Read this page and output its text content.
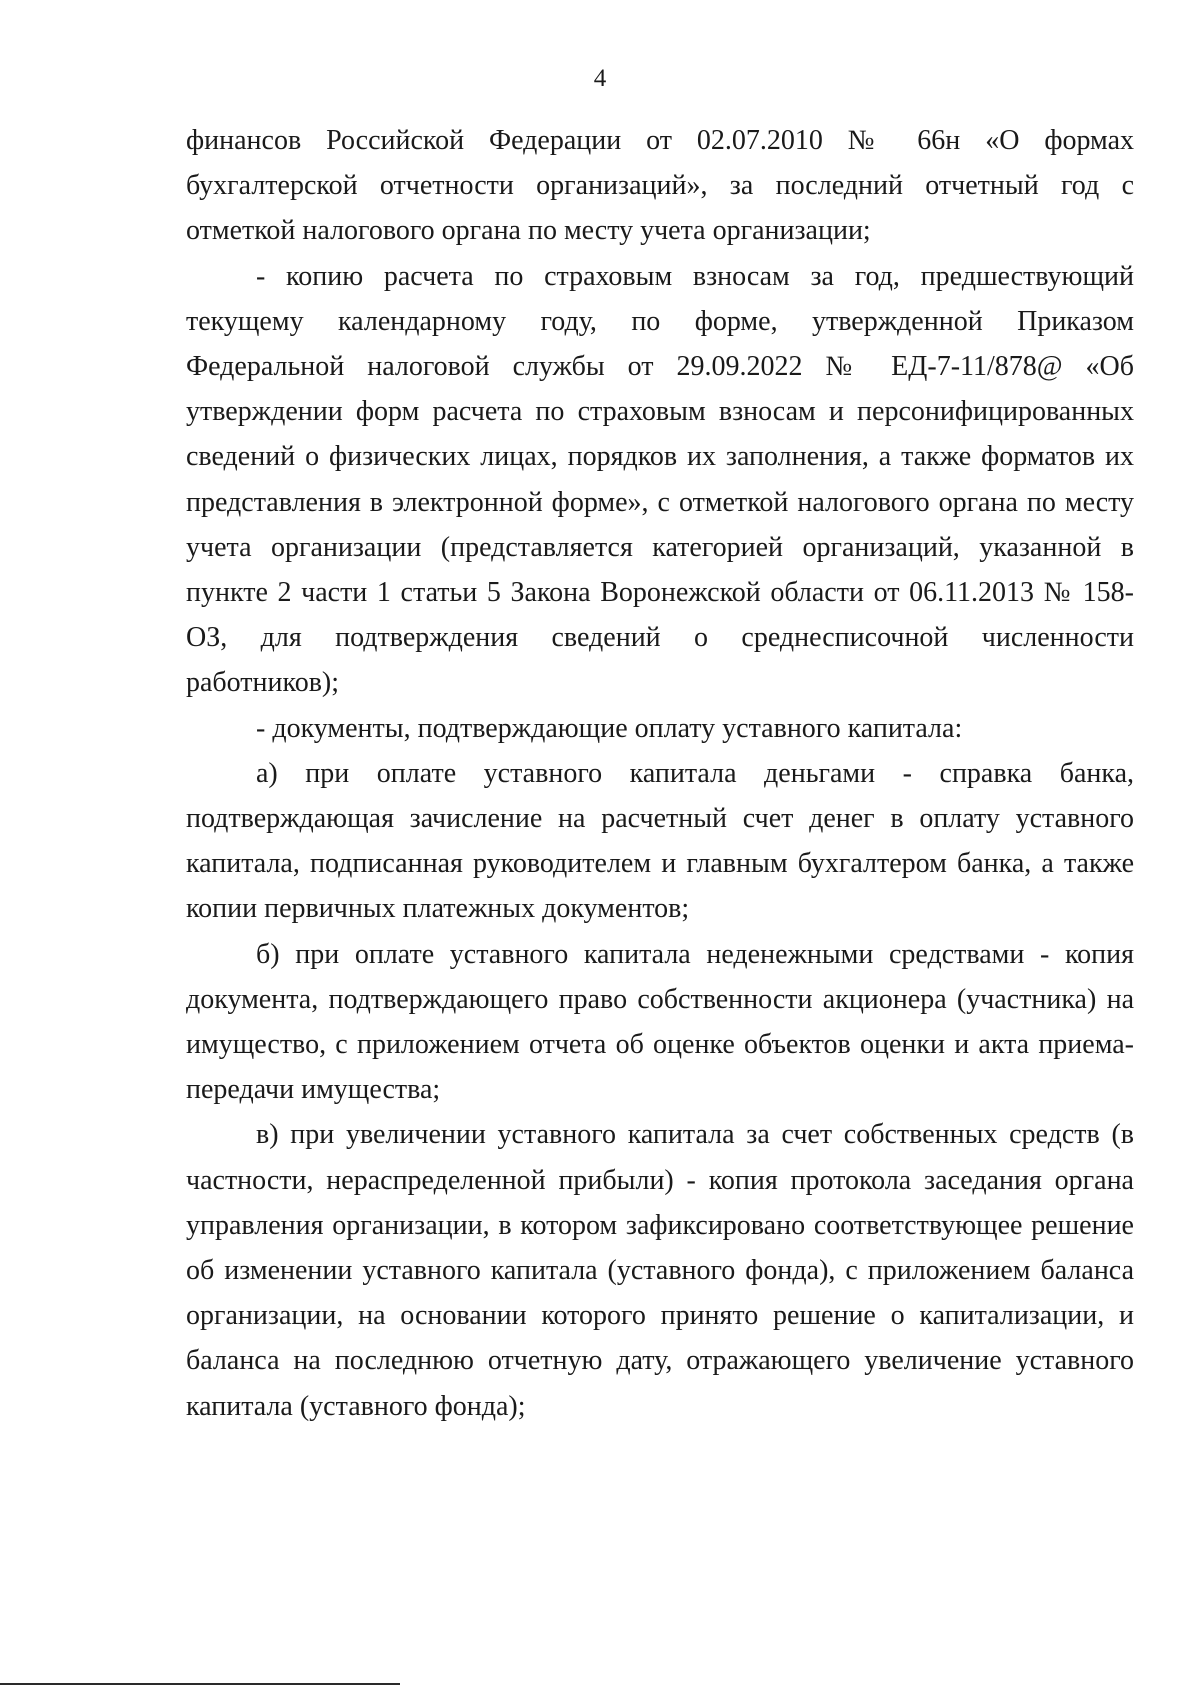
4

финансов Российской Федерации от 02.07.2010 № 66н «О формах бухгалтерской отчетности организаций», за последний отчетный год с отметкой налогового органа по месту учета организации;

- копию расчета по страховым взносам за год, предшествующий текущему календарному году, по форме, утвержденной Приказом Федеральной налоговой службы от 29.09.2022 № ЕД-7-11/878@ «Об утверждении форм расчета по страховым взносам и персонифицированных сведений о физических лицах, порядков их заполнения, а также форматов их представления в электронной форме», с отметкой налогового органа по месту учета организации (представляется категорией организаций, указанной в пункте 2 части 1 статьи 5 Закона Воронежской области от 06.11.2013 № 158-ОЗ, для подтверждения сведений о среднесписочной численности работников);

- документы, подтверждающие оплату уставного капитала:

а) при оплате уставного капитала деньгами - справка банка, подтверждающая зачисление на расчетный счет денег в оплату уставного капитала, подписанная руководителем и главным бухгалтером банка, а также копии первичных платежных документов;

б) при оплате уставного капитала неденежными средствами - копия документа, подтверждающего право собственности акционера (участника) на имущество, с приложением отчета об оценке объектов оценки и акта приема-передачи имущества;

в) при увеличении уставного капитала за счет собственных средств (в частности, нераспределенной прибыли) - копия протокола заседания органа управления организации, в котором зафиксировано соответствующее решение об изменении уставного капитала (уставного фонда), с приложением баланса организации, на основании которого принято решение о капитализации, и баланса на последнюю отчетную дату, отражающего увеличение уставного капитала (уставного фонда);
